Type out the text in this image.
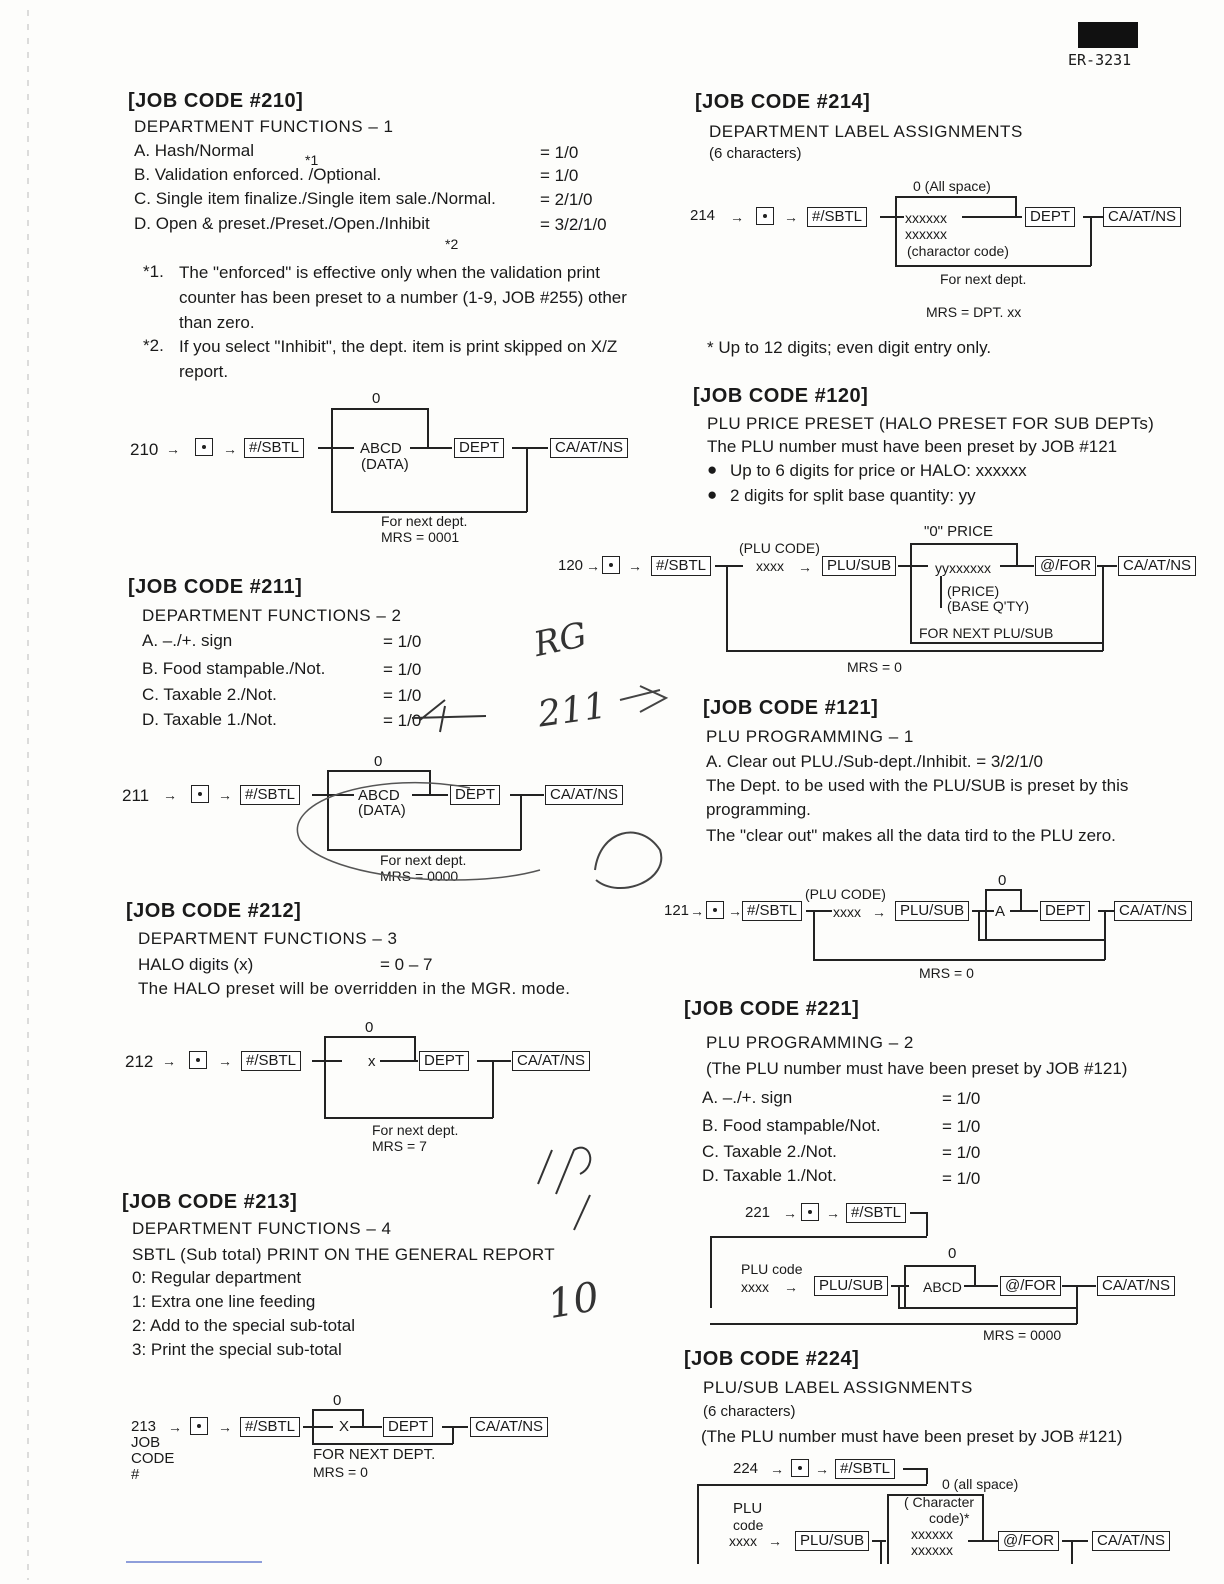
ER-3231
[JOB CODE #210]
DEPARTMENT FUNCTIONS – 1
A. Hash/Normal	= 1/0
*1
B. Validation enforced. /Optional.	= 1/0
C. Single item finalize./Single item sale./Normal.	= 2/1/0
D. Open & preset./Preset./Open./Inhibit	= 3/2/1/0
*2
*1. The "enforced" is effective only when the validation print counter has been preset to a number (1-9, JOB #255) other than zero.
*2. If you select "Inhibit", the dept. item is print skipped on X/Z report.
210 →	→ #/SBTL
0
ABCD
(DATA)
DEPT	CA/AT/NS
For next dept.
MRS = 0001
[JOB CODE #211]
DEPARTMENT FUNCTIONS – 2
A. –./+. sign	= 1/0
B. Food stampable./Not.	= 1/0
C. Taxable 2./Not.	= 1/0
D. Taxable 1./Not.	= 1/0
211 →	→ #/SBTL
0
ABCD
(DATA)
DEPT	CA/AT/NS
For next dept.
MRS = 0000
[JOB CODE #212]
DEPARTMENT FUNCTIONS – 3
HALO digits (x)	= 0 – 7
The HALO preset will be overridden in the MGR. mode.
212 →	→ #/SBTL
0
x	DEPT	CA/AT/NS
For next dept.
MRS = 7
[JOB CODE #213]
DEPARTMENT FUNCTIONS – 4
SBTL (Sub total) PRINT ON THE GENERAL REPORT
0: Regular department
1: Extra one line feeding
2: Add to the special sub-total
3: Print the special sub-total
213
JOB
CODE
#
→	→ #/SBTL
0
X	DEPT	CA/AT/NS
FOR NEXT DEPT.
MRS = 0
[JOB CODE #214]
DEPARTMENT LABEL ASSIGNMENTS
(6 characters)
0 (All space)
214 →	→ #/SBTL	xxxxxx
xxxxxx
(charactor code)
DEPT	CA/AT/NS
For next dept.
MRS = DPT. xx
* Up to 12 digits; even digit entry only.
[JOB CODE #120]
PLU PRICE PRESET (HALO PRESET FOR SUB DEPTs)
The PLU number must have been preset by JOB #121
● Up to 6 digits for price or HALO: xxxxxx
● 2 digits for split base quantity: yy
"0" PRICE
(PLU CODE)
120 → → #/SBTL	xxxx →	PLU/SUB	yyxxxxxx
(PRICE)
(BASE Q'TY)
@/FOR
FOR NEXT PLU/SUB
CA/AT/NS
MRS = 0
[JOB CODE #121]
PLU PROGRAMMING – 1
A. Clear out PLU./Sub-dept./Inhibit. = 3/2/1/0
The Dept. to be used with the PLU/SUB is preset by this programming.
The "clear out" makes all the data tird to the PLU zero.
0
(PLU CODE)
121 → → #/SBTL	xxxx → PLU/SUB	A	DEPT	CA/AT/NS
MRS = 0
[JOB CODE #221]
PLU PROGRAMMING – 2
(The PLU number must have been preset by JOB #121)
A. –./+. sign	= 1/0
B. Food stampable/Not.	= 1/0
C. Taxable 2./Not.	= 1/0
D. Taxable 1./Not.	= 1/0
221 → → #/SBTL
PLU code
xxxx →	PLU/SUB
0
ABCD	@/FOR	CA/AT/NS
MRS = 0000
[JOB CODE #224]
PLU/SUB LABEL ASSIGNMENTS
(6 characters)
(The PLU number must have been preset by JOB #121)
224 → → #/SBTL
0 (all space)
PLU
code
xxxx →	PLU/SUB
( Character
code)*
xxxxxx
xxxxxx
@/FOR	CA/AT/NS
RG
211
10
